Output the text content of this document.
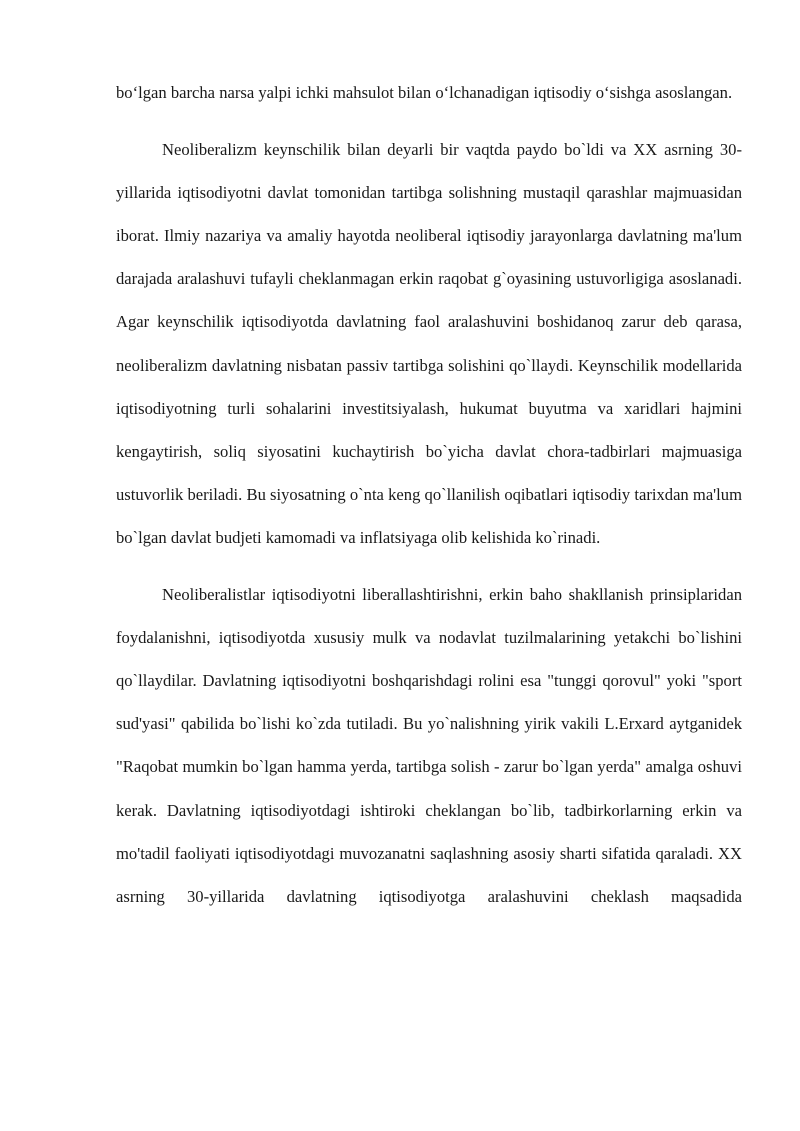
bo‘lgan barcha narsa yalpi ichki mahsulot bilan o‘lchanadigan iqtisodiy o‘sishga asoslangan.

Neoliberalizm keynschilik bilan deyarli bir vaqtda paydo bo`ldi va XX asrning 30- yillarida iqtisodiyotni davlat tomonidan tartibga solishning mustaqil qarashlar majmuasidan iborat. Ilmiy nazariya va amaliy hayotda neoliberal iqtisodiy jarayonlarga davlatning ma'lum darajada aralashuvi tufayli cheklanmagan erkin raqobat g`oyasining ustuvorligiga asoslanadi. Agar keynschilik iqtisodiyotda davlatning faol aralashuvini boshidanoq zarur deb qarasa, neoliberalizm davlatning nisbatan passiv tartibga solishini qo`llaydi. Keynschilik modellarida iqtisodiyotning turli sohalarini investitsiyalash, hukumat buyutma va xaridlari hajmini kengaytirish, soliq siyosatini kuchaytirish bo`yicha davlat chora-tadbirlari majmuasiga ustuvorlik beriladi. Bu siyosatning o`nta keng qo`llanilish oqibatlari iqtisodiy tarixdan ma'lum bo`lgan davlat budjeti kamomadi va inflatsiyaga olib kelishida ko`rinadi.

Neoliberalistlar iqtisodiyotni liberallashtirishni, erkin baho shakllanish prinsiplaridan foydalanishni, iqtisodiyotda xususiy mulk va nodavlat tuzilmalarining yetakchi bo`lishini qo`llaydilar. Davlatning iqtisodiyotni boshqarishdagi rolini esa "tunggi qorovul" yoki "sport sud'yasi" qabilida bo`lishi ko`zda tutiladi. Bu yo`nalishning yirik vakili L.Erxard aytganidek "Raqobat mumkin bo`lgan hamma yerda, tartibga solish - zarur bo`lgan yerda" amalga oshuvi kerak. Davlatning iqtisodiyotdagi ishtiroki cheklangan bo`lib, tadbirkorlarning erkin va mo'tadil faoliyati iqtisodiyotdagi muvozanatni saqlashning asosiy sharti sifatida qaraladi. XX asrning 30-yillarida davlatning iqtisodiyotga aralashuvini cheklash maqsadida
